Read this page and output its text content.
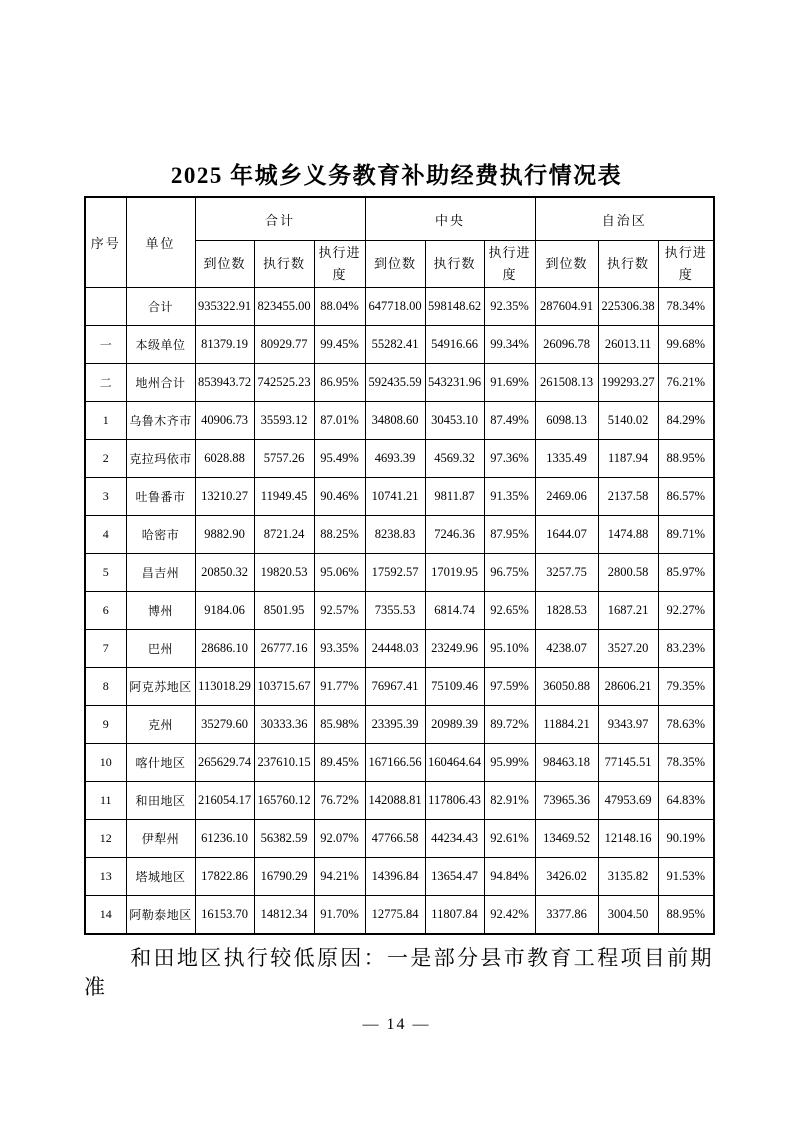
2025 年城乡义务教育补助经费执行情况表
序号	单位	合计			中央			自治区		
		到位数	执行数	执行进度	到位数	执行数	执行进度	到位数	执行数	执行进度
	合计	935322.91	823455.00	88.04%	647718.00	598148.62	92.35%	287604.91	225306.38	78.34%
一	本级单位	81379.19	80929.77	99.45%	55282.41	54916.66	99.34%	26096.78	26013.11	99.68%
二	地州合计	853943.72	742525.23	86.95%	592435.59	543231.96	91.69%	261508.13	199293.27	76.21%
1	乌鲁木齐市	40906.73	35593.12	87.01%	34808.60	30453.10	87.49%	6098.13	5140.02	84.29%
2	克拉玛依市	6028.88	5757.26	95.49%	4693.39	4569.32	97.36%	1335.49	1187.94	88.95%
3	吐鲁番市	13210.27	11949.45	90.46%	10741.21	9811.87	91.35%	2469.06	2137.58	86.57%
4	哈密市	9882.90	8721.24	88.25%	8238.83	7246.36	87.95%	1644.07	1474.88	89.71%
5	昌吉州	20850.32	19820.53	95.06%	17592.57	17019.95	96.75%	3257.75	2800.58	85.97%
6	博州	9184.06	8501.95	92.57%	7355.53	6814.74	92.65%	1828.53	1687.21	92.27%
7	巴州	28686.10	26777.16	93.35%	24448.03	23249.96	95.10%	4238.07	3527.20	83.23%
8	阿克苏地区	113018.29	103715.67	91.77%	76967.41	75109.46	97.59%	36050.88	28606.21	79.35%
9	克州	35279.60	30333.36	85.98%	23395.39	20989.39	89.72%	11884.21	9343.97	78.63%
10	喀什地区	265629.74	237610.15	89.45%	167166.56	160464.64	95.99%	98463.18	77145.51	78.35%
11	和田地区	216054.17	165760.12	76.72%	142088.81	117806.43	82.91%	73965.36	47953.69	64.83%
12	伊犁州	61236.10	56382.59	92.07%	47766.58	44234.43	92.61%	13469.52	12148.16	90.19%
13	塔城地区	17822.86	16790.29	94.21%	14396.84	13654.47	94.84%	3426.02	3135.82	91.53%
14	阿勒泰地区	16153.70	14812.34	91.70%	12775.84	11807.84	92.42%	3377.86	3004.50	88.95%
和田地区执行较低原因：一是部分县市教育工程项目前期准
— 14 —
